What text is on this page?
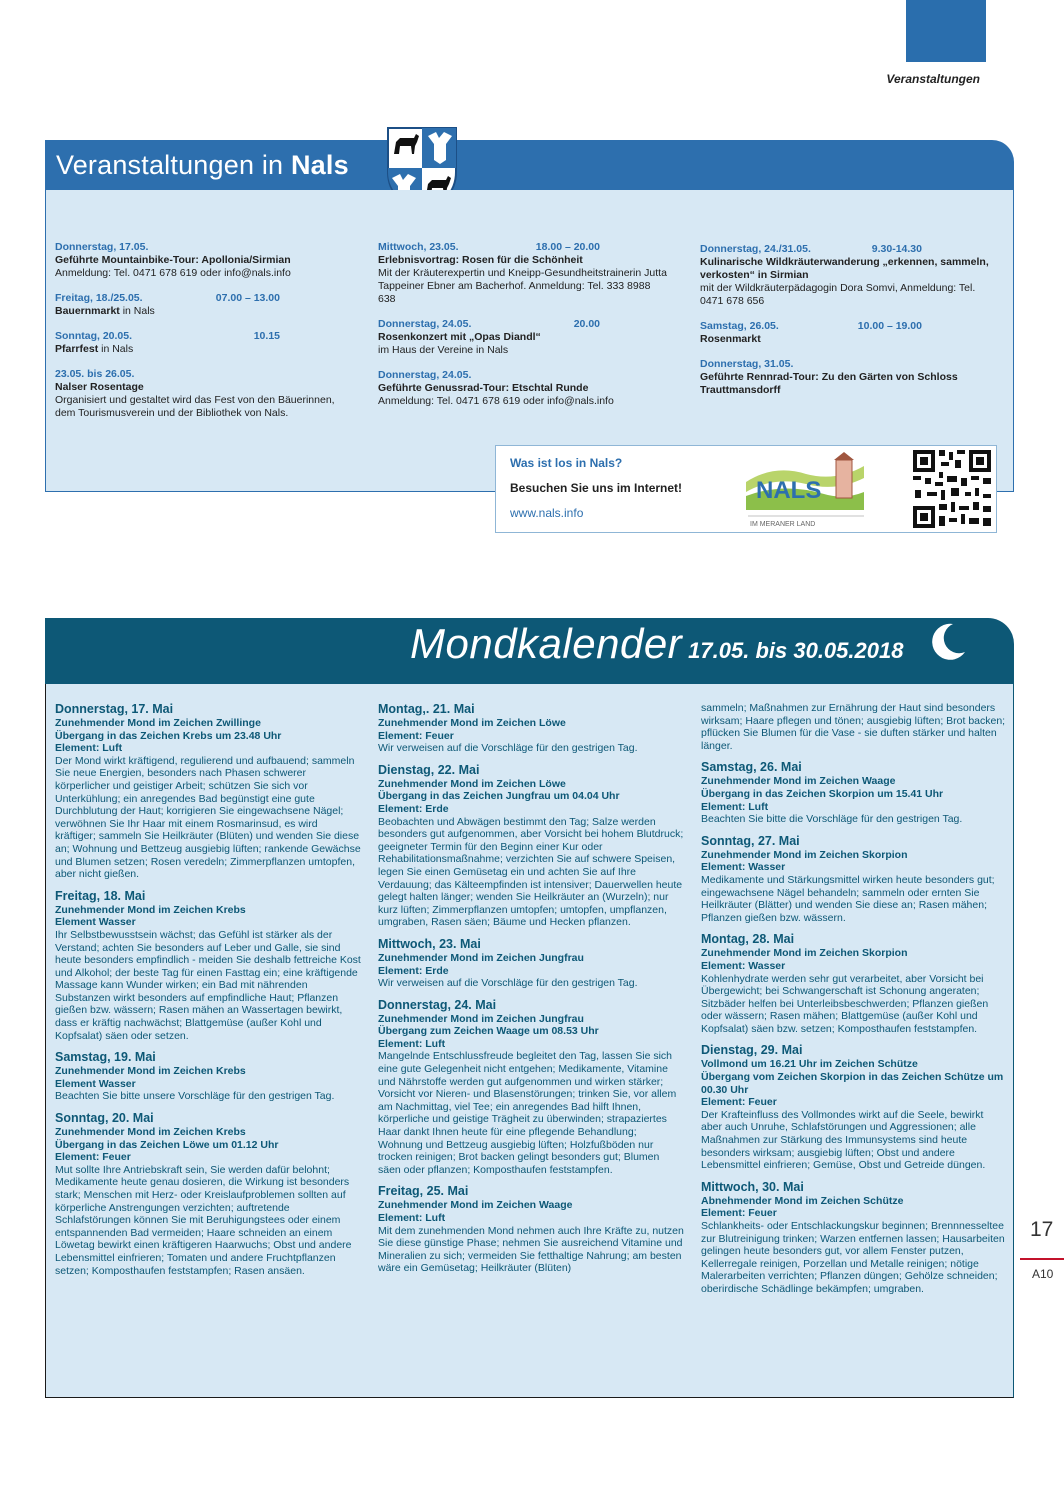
Veranstaltungen
Veranstaltungen in Nals
Donnerstag, 17.05.
Geführte Mountainbike-Tour: Apollonia/Sirmian
Anmeldung: Tel. 0471 678 619 oder info@nals.info
Freitag, 18./25.05.	07.00 – 13.00
Bauernmarkt in Nals
Sonntag, 20.05.	10.15
Pfarrfest in Nals
23.05. bis 26.05.
Nalser Rosentage
Organisiert und gestaltet wird das Fest von den Bäuerinnen, dem Tourismusverein und der Bibliothek von Nals.
Mittwoch, 23.05.	18.00 – 20.00
Erlebnisvortrag: Rosen für die Schönheit
Mit der Kräuterexpertin und Kneipp-Gesundheitstrainerin Jutta Tappeiner Ebner am Bacherhof. Anmeldung: Tel. 333 8988 638
Donnerstag, 24.05.	20.00
Rosenkonzert mit „Opas Diandl“
im Haus der Vereine in Nals
Donnerstag, 24.05.
Geführte Genussrad-Tour: Etschtal Runde
Anmeldung: Tel. 0471 678 619 oder info@nals.info
Donnerstag, 24./31.05.	9.30-14.30
Kulinarische Wildkräuterwanderung „erkennen, sammeln, verkosten“ in Sirmian
mit der Wildkräuterpädagogin Dora Somvi, Anmeldung: Tel. 0471 678 656
Samstag, 26.05.	10.00 – 19.00
Rosenmarkt
Donnerstag, 31.05.
Geführte Rennrad-Tour: Zu den Gärten von Schloss Trauttmansdorff
Was ist los in Nals?
Besuchen Sie uns im Internet!
www.nals.info
NALS
IM MERANER LAND
Mondkalender 17.05. bis 30.05.2018
Donnerstag, 17. Mai
Zunehmender Mond im Zeichen Zwillinge
Übergang in das Zeichen Krebs um 23.48 Uhr
Element: Luft
Der Mond wirkt kräftigend, regulierend und aufbauend; sammeln Sie neue Energien, besonders nach Phasen schwerer körperlicher und geistiger Arbeit; schützen Sie sich vor Unterkühlung; ein anregendes Bad begünstigt eine gute Durchblutung der Haut; korrigieren Sie eingewachsene Nägel; verwöhnen Sie Ihr Haar mit einem Rosmarinsud, es wird kräftiger; sammeln Sie Heilkräuter (Blüten) und wenden Sie diese an; Wohnung und Bettzeug ausgiebig lüften; rankende Gewächse und Blumen setzen; Rosen veredeln; Zimmerpflanzen umtopfen, aber nicht gießen.
Freitag, 18. Mai
Zunehmender Mond im Zeichen Krebs
Element Wasser
Ihr Selbstbewusstsein wächst; das Gefühl ist stärker als der Verstand; achten Sie besonders auf Leber und Galle, sie sind heute besonders empfindlich - meiden Sie deshalb fettreiche Kost und Alkohol; der beste Tag für einen Fasttag ein; eine kräftigende Massage kann Wunder wirken; ein Bad mit nährenden Substanzen wirkt besonders auf empfindliche Haut; Pflanzen gießen bzw. wässern; Rasen mähen an Wassertagen bewirkt, dass er kräftig nachwächst; Blattgemüse (außer Kohl und Kopfsalat) säen oder setzen.
Samstag, 19. Mai
Zunehmender Mond im Zeichen Krebs
Element Wasser
Beachten Sie bitte unsere Vorschläge für den gestrigen Tag.
Sonntag, 20. Mai
Zunehmender Mond im Zeichen Krebs
Übergang in das Zeichen Löwe um 01.12 Uhr
Element: Feuer
Mut sollte Ihre Antriebskraft sein, Sie werden dafür belohnt; Medikamente heute genau dosieren, die Wirkung ist besonders stark; Menschen mit Herz- oder Kreislaufproblemen sollten auf körperliche Anstrengungen verzichten; auftretende Schlafstörungen können Sie mit Beruhigungstees oder einem entspannenden Bad vermeiden; Haare schneiden an einem Löwetag bewirkt einen kräftigeren Haarwuchs; Obst und andere Lebensmittel einfrieren; Tomaten und andere Fruchtpflanzen setzen; Komposthaufen feststampfen; Rasen ansäen.
Montag,. 21. Mai
Zunehmender Mond im Zeichen Löwe
Element: Feuer
Wir verweisen auf die Vorschläge für den gestrigen Tag.
Dienstag, 22. Mai
Zunehmender Mond im Zeichen Löwe
Übergang in das Zeichen Jungfrau um 04.04 Uhr
Element: Erde
Beobachten und Abwägen bestimmt den Tag; Salze werden besonders gut aufgenommen, aber Vorsicht bei hohem Blutdruck; geeigneter Termin für den Beginn einer Kur oder Rehabilitationsmaßnahme; verzichten Sie auf schwere Speisen, legen Sie einen Gemüsetag ein und achten Sie auf Ihre Verdauung; das Kälteempfinden ist intensiver; Dauerwellen heute gelegt halten länger; wenden Sie Heilkräuter an (Wurzeln); nur kurz lüften; Zimmerpflanzen umtopfen; umtopfen, umpflanzen, umgraben, Rasen säen; Bäume und Hecken pflanzen.
Mittwoch, 23. Mai
Zunehmender Mond im Zeichen Jungfrau
Element: Erde
Wir verweisen auf die Vorschläge für den gestrigen Tag.
Donnerstag, 24. Mai
Zunehmender Mond im Zeichen Jungfrau
Übergang zum Zeichen Waage um 08.53 Uhr
Element: Luft
Mangelnde Entschlussfreude begleitet den Tag, lassen Sie sich eine gute Gelegenheit nicht entgehen; Medikamente, Vitamine und Nährstoffe werden gut aufgenommen und wirken stärker; Vorsicht vor Nieren- und Blasenstörungen; trinken Sie, vor allem am Nachmittag, viel Tee; ein anregendes Bad hilft Ihnen, körperliche und geistige Trägheit zu überwinden; strapaziertes Haar dankt Ihnen heute für eine pflegende Behandlung; Wohnung und Bettzeug ausgiebig lüften; Holzfußböden nur trocken reinigen; Brot backen gelingt besonders gut; Blumen säen oder pflanzen; Komposthaufen feststampfen.
Freitag, 25. Mai
Zunehmender Mond im Zeichen Waage
Element: Luft
Mit dem zunehmenden Mond nehmen auch Ihre Kräfte zu, nutzen Sie diese günstige Phase; nehmen Sie ausreichend Vitamine und Mineralien zu sich; vermeiden Sie fetthaltige Nahrung; am besten wäre ein Gemüsetag; Heilkräuter (Blüten)
sammeln; Maßnahmen zur Ernährung der Haut sind besonders wirksam; Haare pflegen und tönen; ausgiebig lüften; Brot backen; pflücken Sie Blumen für die Vase - sie duften stärker und halten länger.
Samstag, 26. Mai
Zunehmender Mond im Zeichen Waage
Übergang in das Zeichen Skorpion um 15.41 Uhr
Element: Luft
Beachten Sie bitte die Vorschläge für den gestrigen Tag.
Sonntag, 27. Mai
Zunehmender Mond im Zeichen Skorpion
Element: Wasser
Medikamente und Stärkungsmittel wirken heute besonders gut; eingewachsene Nägel behandeln; sammeln oder ernten Sie Heilkräuter (Blätter) und wenden Sie diese an; Rasen mähen; Pflanzen gießen bzw. wässern.
Montag, 28. Mai
Zunehmender Mond im Zeichen Skorpion
Element: Wasser
Kohlenhydrate werden sehr gut verarbeitet, aber Vorsicht bei Übergewicht; bei Schwangerschaft ist Schonung angeraten; Sitzbäder helfen bei Unterleibsbeschwerden; Pflanzen gießen oder wässern; Rasen mähen; Blattgemüse (außer Kohl und Kopfsalat) säen bzw. setzen; Komposthaufen feststampfen.
Dienstag, 29. Mai
Vollmond um 16.21 Uhr im Zeichen Schütze
Übergang vom Zeichen Skorpion in das Zeichen Schütze um 00.30 Uhr
Element: Feuer
Der Krafteinfluss des Vollmondes wirkt auf die Seele, bewirkt aber auch Unruhe, Schlafstörungen und Aggressionen; alle Maßnahmen zur Stärkung des Immunsystems sind heute besonders wirksam; ausgiebig lüften; Obst und andere Lebensmittel einfrieren; Gemüse, Obst und Getreide düngen.
Mittwoch, 30. Mai
Abnehmender Mond im Zeichen Schütze
Element: Feuer
Schlankheits- oder Entschlackungskur beginnen; Brennnesseltee zur Blutreinigung trinken; Warzen entfernen lassen; Hausarbeiten gelingen heute besonders gut, vor allem Fenster putzen, Kellerregale reinigen, Porzellan und Metalle reinigen; nötige Malerarbeiten verrichten; Pflanzen düngen; Gehölze schneiden; oberirdische Schädlinge bekämpfen; umgraben.
17
A10
